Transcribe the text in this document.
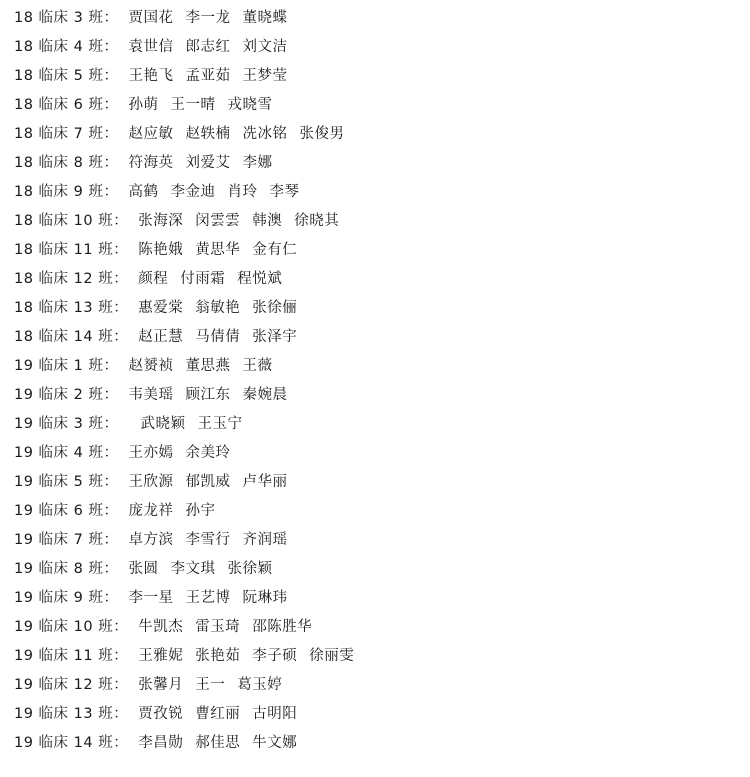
18 临床 3 班： 贾国花 李一龙 董晓蝶
18 临床 4 班： 袁世信 郎志红 刘文洁
18 临床 5 班： 王艳飞 孟亚茹 王梦莹
18 临床 6 班： 孙萌 王一晴 戎晓雪
18 临床 7 班： 赵应敏 赵轶楠 冼冰铭 张俊男
18 临床 8 班： 符海英 刘爱艾 李娜
18 临床 9 班： 高鹤 李金迪 肖玲 李琴
18 临床 10 班： 张海深 闵雲雲 韩澳 徐晓其
18 临床 11 班： 陈艳娥 黄思华 金有仁
18 临床 12 班： 颜程 付雨霜 程悦斌
18 临床 13 班： 惠爱棠 翁敏艳 张徐俪
18 临床 14 班： 赵正慧 马倩倩 张泽宇
19 临床 1 班： 赵赟祯 董思燕 王薇
19 临床 2 班： 韦美瑶 顾江东 秦婉晨
19 临床 3 班： 武晓颖 王玉宁
19 临床 4 班： 王亦嫣 余美玲
19 临床 5 班： 王欣源 郁凯威 卢华丽
19 临床 6 班： 庞龙祥 孙宇
19 临床 7 班： 卓方滨 李雪行 齐润瑶
19 临床 8 班： 张圆 李文琪 张徐颖
19 临床 9 班： 李一星 王艺博 阮琳玮
19 临床 10 班： 牛凯杰 雷玉琦 邵陈胜华
19 临床 11 班： 王雅妮 张艳茹 李子硕 徐丽雯
19 临床 12 班： 张馨月 王一 葛玉婷
19 临床 13 班： 贾孜锐 曹红丽 古明阳
19 临床 14 班： 李昌勋 郝佳思 牛文娜
